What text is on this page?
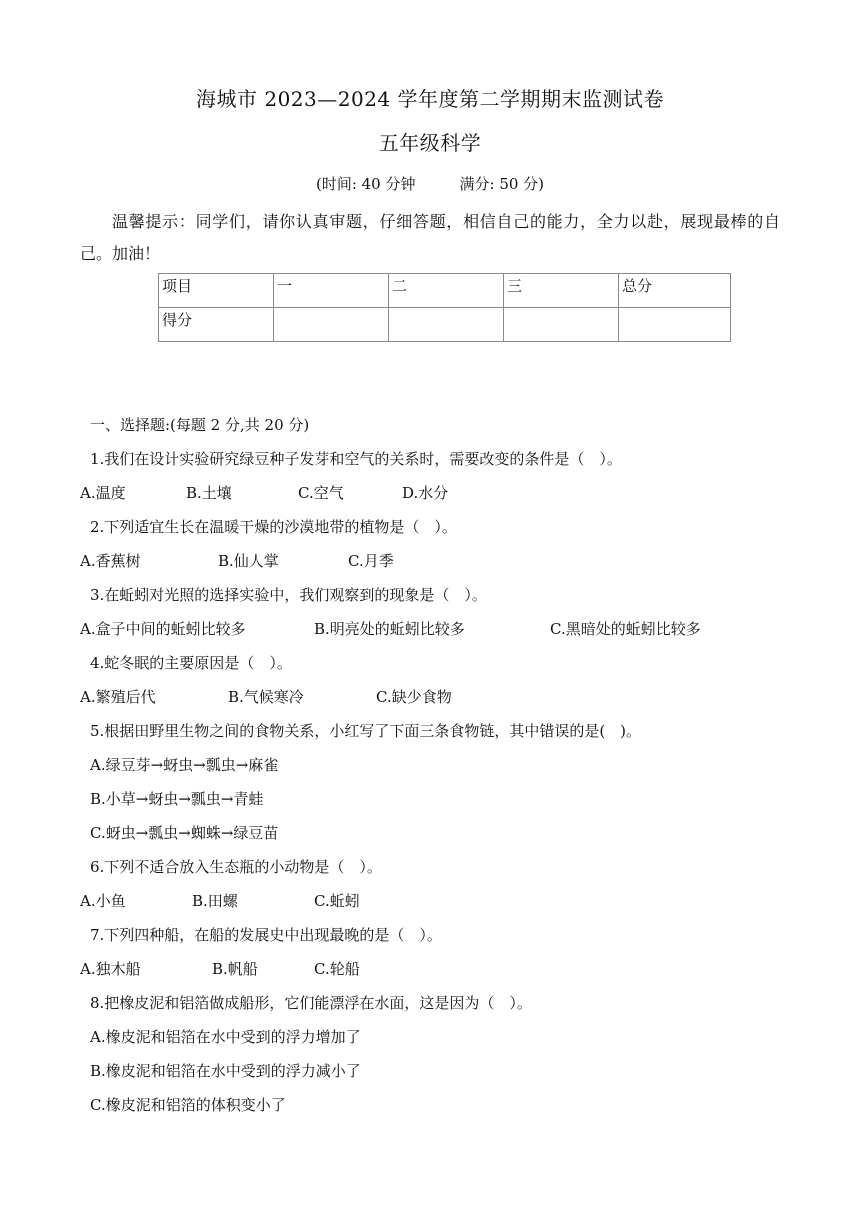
海城市 2023—2024 学年度第二学期期末监测试卷
五年级科学
(时间: 40 分钟	满分: 50 分)
温馨提示：同学们，请你认真审题，仔细答题，相信自己的能力，全力以赴，展现最棒的自己。加油！
项目	一	二	三	总分
得分				
一、选择题:(每题 2 分,共 20 分)
1.我们在设计实验研究绿豆种子发芽和空气的关系时，需要改变的条件是（　）。
A.温度	B.土壤	C.空气	D.水分
2.下列适宜生长在温暖干燥的沙漠地带的植物是（　）。
A.香蕉树	B.仙人掌	C.月季
3.在蚯蚓对光照的选择实验中，我们观察到的现象是（　）。
A.盒子中间的蚯蚓比较多	B.明亮处的蚯蚓比较多	C.黑暗处的蚯蚓比较多
4.蛇冬眠的主要原因是（　）。
A.繁殖后代	B.气候寒冷	C.缺少食物
5.根据田野里生物之间的食物关系，小红写了下面三条食物链，其中错误的是(　)。
A.绿豆芽→蚜虫→瓢虫→麻雀
B.小草→蚜虫→瓢虫→青蛙
C.蚜虫→瓢虫→蜘蛛→绿豆苗
6.下列不适合放入生态瓶的小动物是（　）。
A.小鱼	B.田螺	C.蚯蚓
7.下列四种船，在船的发展史中出现最晚的是（　）。
A.独木船	B.帆船	C.轮船
8.把橡皮泥和铝箔做成船形，它们能漂浮在水面，这是因为（　）。
A.橡皮泥和铝箔在水中受到的浮力增加了
B.橡皮泥和铝箔在水中受到的浮力减小了
C.橡皮泥和铝箔的体积变小了
